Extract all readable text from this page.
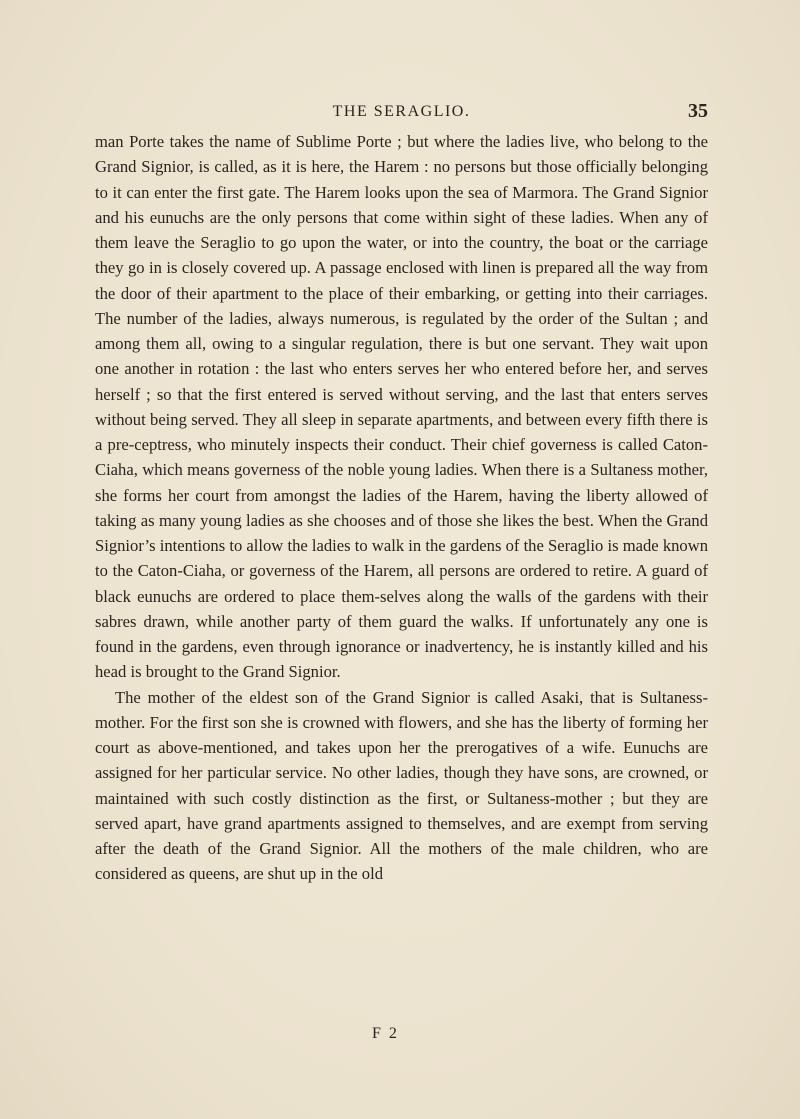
THE SERAGLIO.	35

man Porte takes the name of Sublime Porte ; but where the ladies live, who belong to the Grand Signior, is called, as it is here, the Harem : no persons but those officially belonging to it can enter the first gate. The Harem looks upon the sea of Marmora. The Grand Signior and his eunuchs are the only persons that come within sight of these ladies. When any of them leave the Seraglio to go upon the water, or into the country, the boat or the carriage they go in is closely covered up. A passage enclosed with linen is prepared all the way from the door of their apartment to the place of their embarking, or getting into their carriages. The number of the ladies, always numerous, is regulated by the order of the Sultan ; and among them all, owing to a singular regulation, there is but one servant. They wait upon one another in rotation : the last who enters serves her who entered before her, and serves herself ; so that the first entered is served without serving, and the last that enters serves without being served. They all sleep in separate apartments, and between every fifth there is a pre-ceptress, who minutely inspects their conduct. Their chief governess is called Caton-Ciaha, which means governess of the noble young ladies. When there is a Sultaness mother, she forms her court from amongst the ladies of the Harem, having the liberty allowed of taking as many young ladies as she chooses and of those she likes the best. When the Grand Signior’s intentions to allow the ladies to walk in the gardens of the Seraglio is made known to the Caton-Ciaha, or governess of the Harem, all persons are ordered to retire. A guard of black eunuchs are ordered to place them-selves along the walls of the gardens with their sabres drawn, while another party of them guard the walks. If unfortunately any one is found in the gardens, even through ignorance or inadvertency, he is instantly killed and his head is brought to the Grand Signior.

The mother of the eldest son of the Grand Signior is called Asaki, that is Sultaness-mother. For the first son she is crowned with flowers, and she has the liberty of forming her court as above-mentioned, and takes upon her the prerogatives of a wife. Eunuchs are assigned for her particular service. No other ladies, though they have sons, are crowned, or maintained with such costly distinction as the first, or Sultaness-mother ; but they are served apart, have grand apartments assigned to themselves, and are exempt from serving after the death of the Grand Signior. All the mothers of the male children, who are considered as queens, are shut up in the old

F 2
